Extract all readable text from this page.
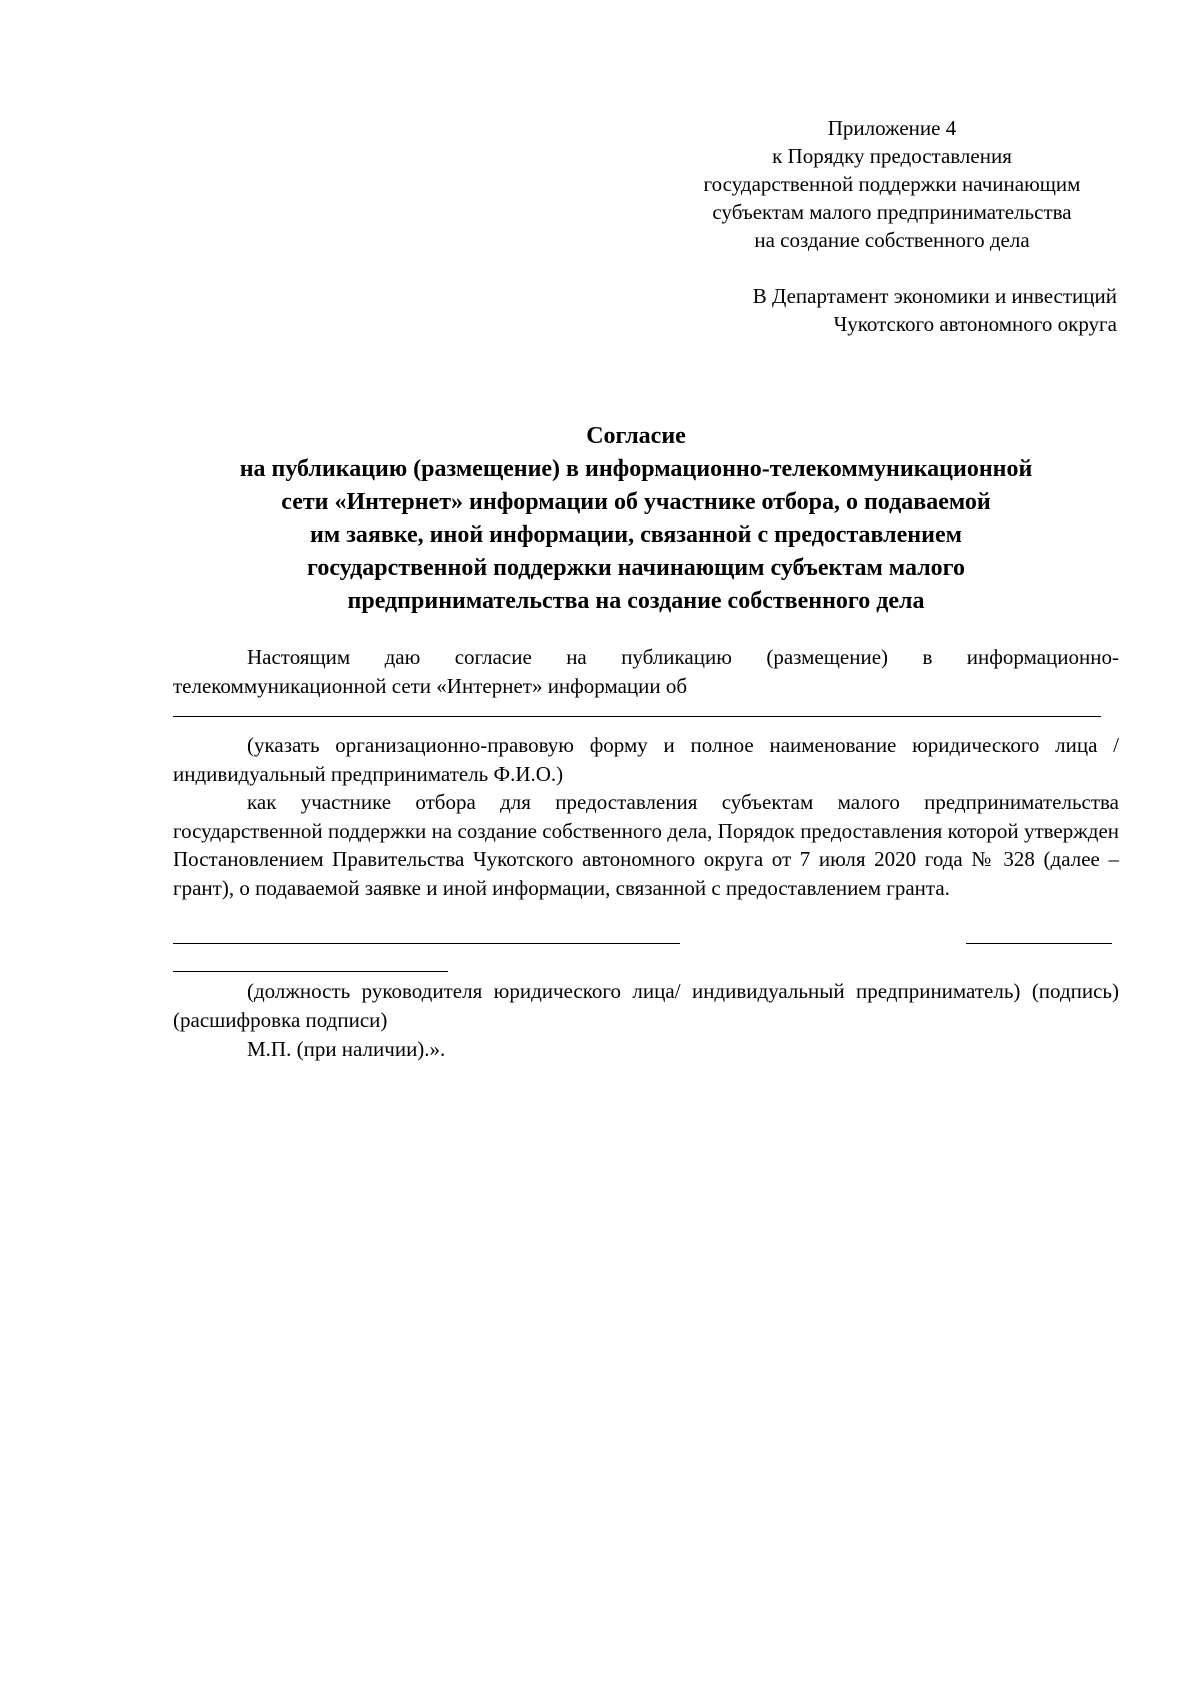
Приложение 4
к Порядку предоставления
государственной поддержки начинающим
субъектам малого предпринимательства
на создание собственного дела
В Департамент экономики и инвестиций
Чукотского автономного округа
Согласие
на публикацию (размещение) в информационно-телекоммуникационной
сети «Интернет» информации об участнике отбора, о подаваемой
им заявке, иной информации, связанной с предоставлением
государственной поддержки начинающим субъектам малого
предпринимательства на создание собственного дела

Настоящим даю согласие на публикацию (размещение) в информационно-телекоммуникационной сети «Интернет» информации об

(указать организационно-правовую форму и полное наименование юридического лица / индивидуальный предприниматель Ф.И.О.)

как участнике отбора для предоставления субъектам малого предпринимательства государственной поддержки на создание собственного дела, Порядок предоставления которой утвержден Постановлением Правительства Чукотского автономного округа от 7 июля 2020 года № 328 (далее – грант), о подаваемой заявке и иной информации, связанной с предоставлением гранта.

(должность руководителя юридического лица/ индивидуальный предприниматель) (подпись) (расшифровка подписи)

М.П. (при наличии).».
